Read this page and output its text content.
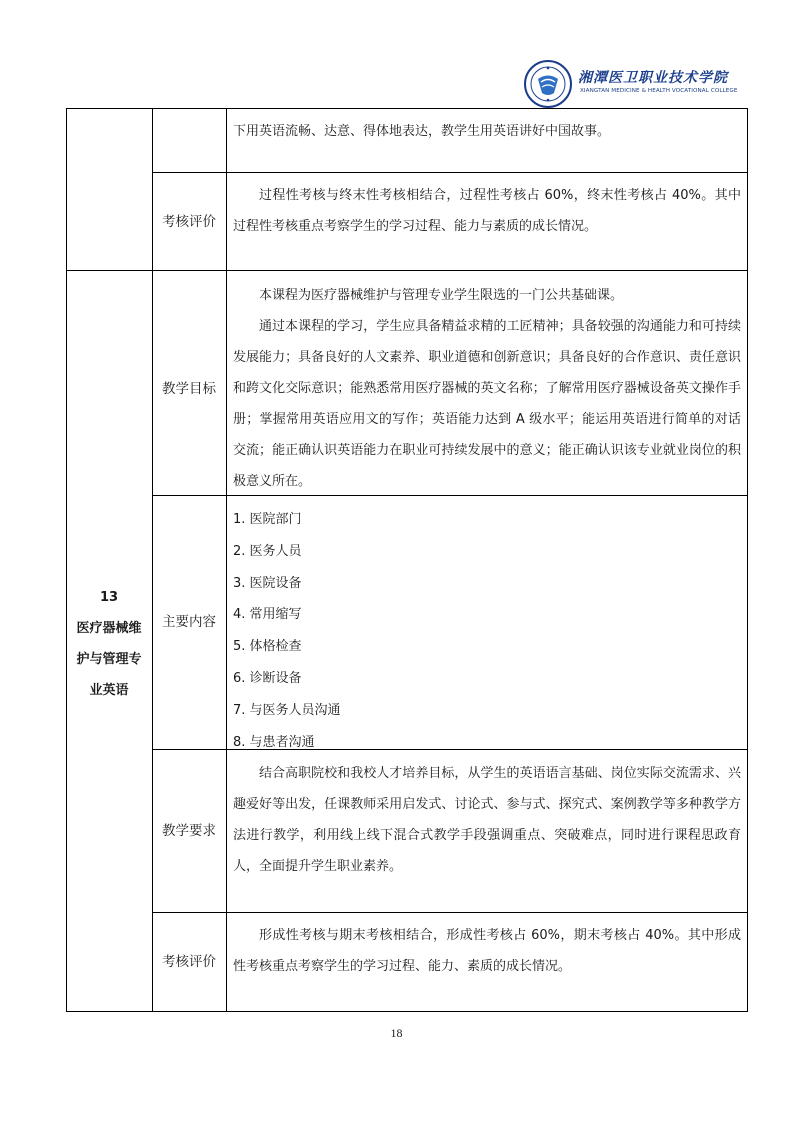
湘潭医卫职业技术学院
XIANGTAN MEDICINE & HEALTH VOCATIONAL COLLEGE

下用英语流畅、达意、得体地表达，教学生用英语讲好中国故事。

考核评价

过程性考核与终末性考核相结合，过程性考核占 60%，终末性考核占 40%。其中过程性考核重点考察学生的学习过程、能力与素质的成长情况。

13
医疗器械维
护与管理专
业英语
教学目标

本课程为医疗器械维护与管理专业学生限选的一门公共基础课。

通过本课程的学习，学生应具备精益求精的工匠精神；具备较强的沟通能力和可持续发展能力；具备良好的人文素养、职业道德和创新意识；具备良好的合作意识、责任意识和跨文化交际意识；能熟悉常用医疗器械的英文名称；了解常用医疗器械设备英文操作手册；掌握常用英语应用文的写作；英语能力达到 A 级水平；能运用英语进行简单的对话交流；能正确认识英语能力在职业可持续发展中的意义；能正确认识该专业就业岗位的积极意义所在。

主要内容
1. 医院部门
2. 医务人员
3. 医院设备
4. 常用缩写
5. 体格检查
6. 诊断设备
7. 与医务人员沟通
8. 与患者沟通
教学要求

结合高职院校和我校人才培养目标，从学生的英语语言基础、岗位实际交流需求、兴趣爱好等出发，任课教师采用启发式、讨论式、参与式、探究式、案例教学等多种教学方法进行教学，利用线上线下混合式教学手段强调重点、突破难点，同时进行课程思政育人，全面提升学生职业素养。

考核评价

形成性考核与期末考核相结合，形成性考核占 60%，期末考核占 40%。其中形成性考核重点考察学生的学习过程、能力、素质的成长情况。

18
